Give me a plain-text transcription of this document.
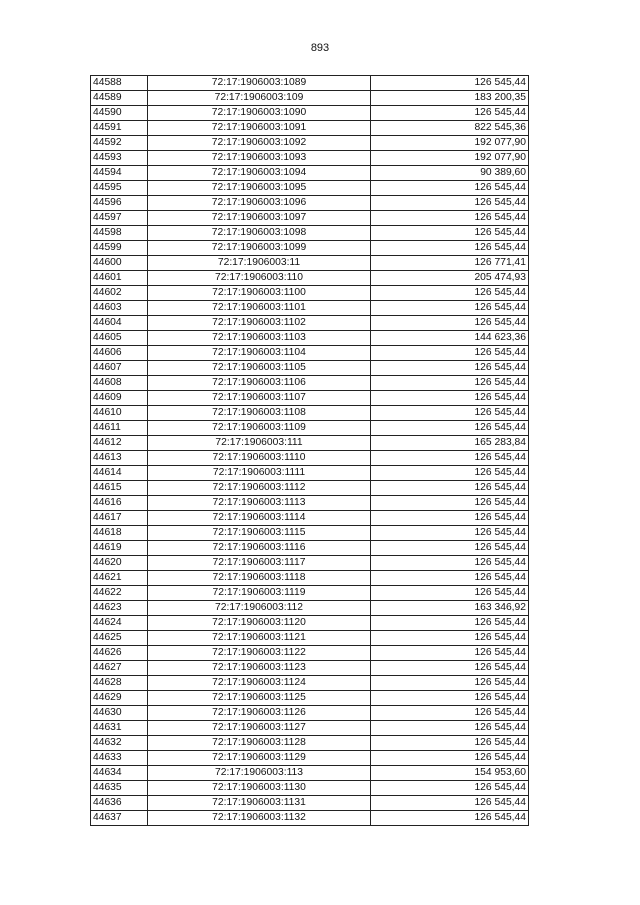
893
44588	72:17:1906003:1089	126 545,44
44589	72:17:1906003:109	183 200,35
44590	72:17:1906003:1090	126 545,44
44591	72:17:1906003:1091	822 545,36
44592	72:17:1906003:1092	192 077,90
44593	72:17:1906003:1093	192 077,90
44594	72:17:1906003:1094	90 389,60
44595	72:17:1906003:1095	126 545,44
44596	72:17:1906003:1096	126 545,44
44597	72:17:1906003:1097	126 545,44
44598	72:17:1906003:1098	126 545,44
44599	72:17:1906003:1099	126 545,44
44600	72:17:1906003:11	126 771,41
44601	72:17:1906003:110	205 474,93
44602	72:17:1906003:1100	126 545,44
44603	72:17:1906003:1101	126 545,44
44604	72:17:1906003:1102	126 545,44
44605	72:17:1906003:1103	144 623,36
44606	72:17:1906003:1104	126 545,44
44607	72:17:1906003:1105	126 545,44
44608	72:17:1906003:1106	126 545,44
44609	72:17:1906003:1107	126 545,44
44610	72:17:1906003:1108	126 545,44
44611	72:17:1906003:1109	126 545,44
44612	72:17:1906003:111	165 283,84
44613	72:17:1906003:1110	126 545,44
44614	72:17:1906003:1111	126 545,44
44615	72:17:1906003:1112	126 545,44
44616	72:17:1906003:1113	126 545,44
44617	72:17:1906003:1114	126 545,44
44618	72:17:1906003:1115	126 545,44
44619	72:17:1906003:1116	126 545,44
44620	72:17:1906003:1117	126 545,44
44621	72:17:1906003:1118	126 545,44
44622	72:17:1906003:1119	126 545,44
44623	72:17:1906003:112	163 346,92
44624	72:17:1906003:1120	126 545,44
44625	72:17:1906003:1121	126 545,44
44626	72:17:1906003:1122	126 545,44
44627	72:17:1906003:1123	126 545,44
44628	72:17:1906003:1124	126 545,44
44629	72:17:1906003:1125	126 545,44
44630	72:17:1906003:1126	126 545,44
44631	72:17:1906003:1127	126 545,44
44632	72:17:1906003:1128	126 545,44
44633	72:17:1906003:1129	126 545,44
44634	72:17:1906003:113	154 953,60
44635	72:17:1906003:1130	126 545,44
44636	72:17:1906003:1131	126 545,44
44637	72:17:1906003:1132	126 545,44
